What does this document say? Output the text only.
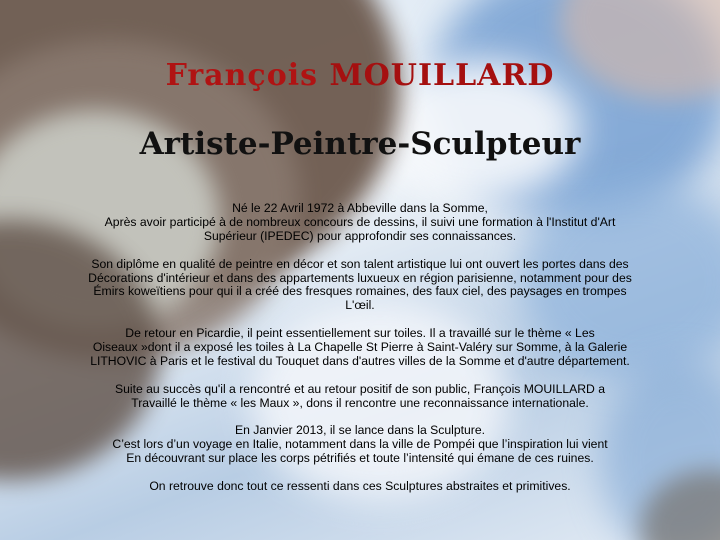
François MOUILLARD
Artiste-Peintre-Sculpteur

Né le 22 Avril 1972 à Abbeville dans la Somme,
Après avoir participé à de nombreux concours de dessins, il suivi une formation à l'Institut d'Art
Supérieur (IPEDEC) pour approfondir ses connaissances.

Son diplôme en qualité de peintre en décor et son talent artistique lui ont ouvert les portes dans des
Décorations d'intérieur et dans des appartements luxueux en région parisienne, notamment pour des
Émirs koweïtiens pour qui il a créé des fresques romaines, des faux ciel, des paysages en trompes
L'œil.

De retour en Picardie, il peint essentiellement sur toiles. Il a travaillé sur le thème « Les
Oiseaux »dont il a exposé les toiles à La Chapelle St Pierre à Saint-Valéry sur Somme, à la Galerie
LITHOVIC à Paris et le festival du Touquet dans d'autres villes de la Somme et d'autre département.

Suite au succès qu'il a rencontré et au retour positif de son public, François MOUILLARD a
Travaillé le thème « les Maux », dons il rencontre une reconnaissance internationale.

En Janvier 2013, il se lance dans la Sculpture.
C’est lors d’un voyage en Italie, notamment dans la ville de Pompéi que l’inspiration lui vient
En découvrant sur place les corps pétrifiés et toute l’intensité qui émane de ces ruines.

On retrouve donc tout ce ressenti dans ces Sculptures abstraites et primitives.
